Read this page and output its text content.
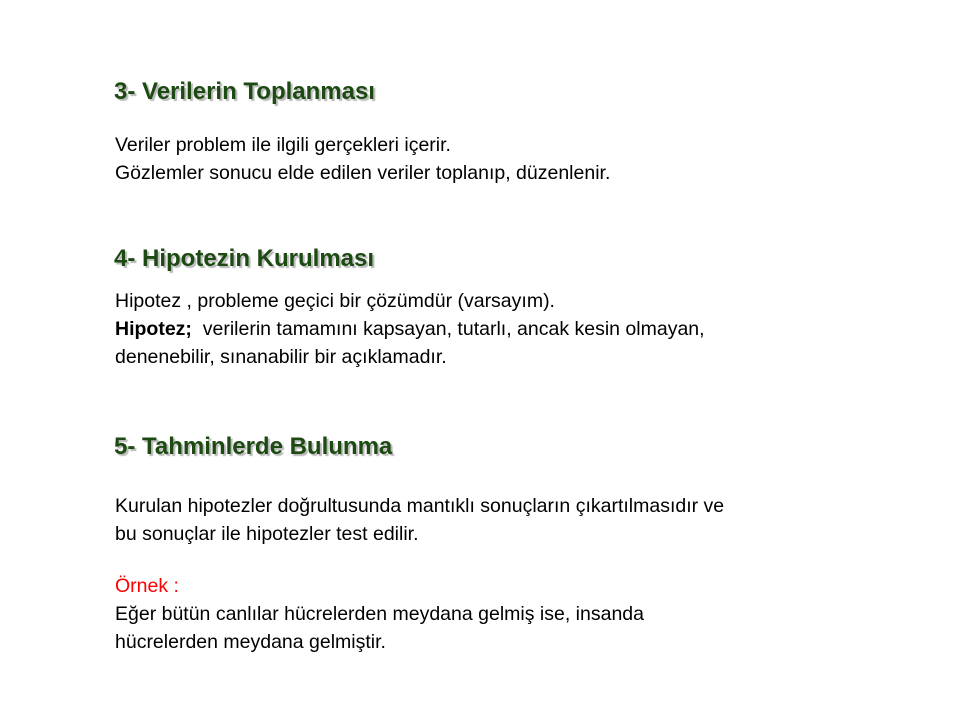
3- Verilerin Toplanması

Veriler problem ile ilgili gerçekleri içerir.
Gözlemler sonucu elde edilen veriler toplanıp, düzenlenir.

4- Hipotezin Kurulması

Hipotez , probleme geçici bir çözümdür (varsayım).
Hipotez;  verilerin tamamını kapsayan, tutarlı, ancak kesin olmayan,
denenebilir, sınanabilir bir açıklamadır.

5- Tahminlerde Bulunma

Kurulan hipotezler doğrultusunda mantıklı sonuçların çıkartılmasıdır ve
bu sonuçlar ile hipotezler test edilir.

Örnek :
Eğer bütün canlılar hücrelerden meydana gelmiş ise, insanda
hücrelerden meydana gelmiştir.
